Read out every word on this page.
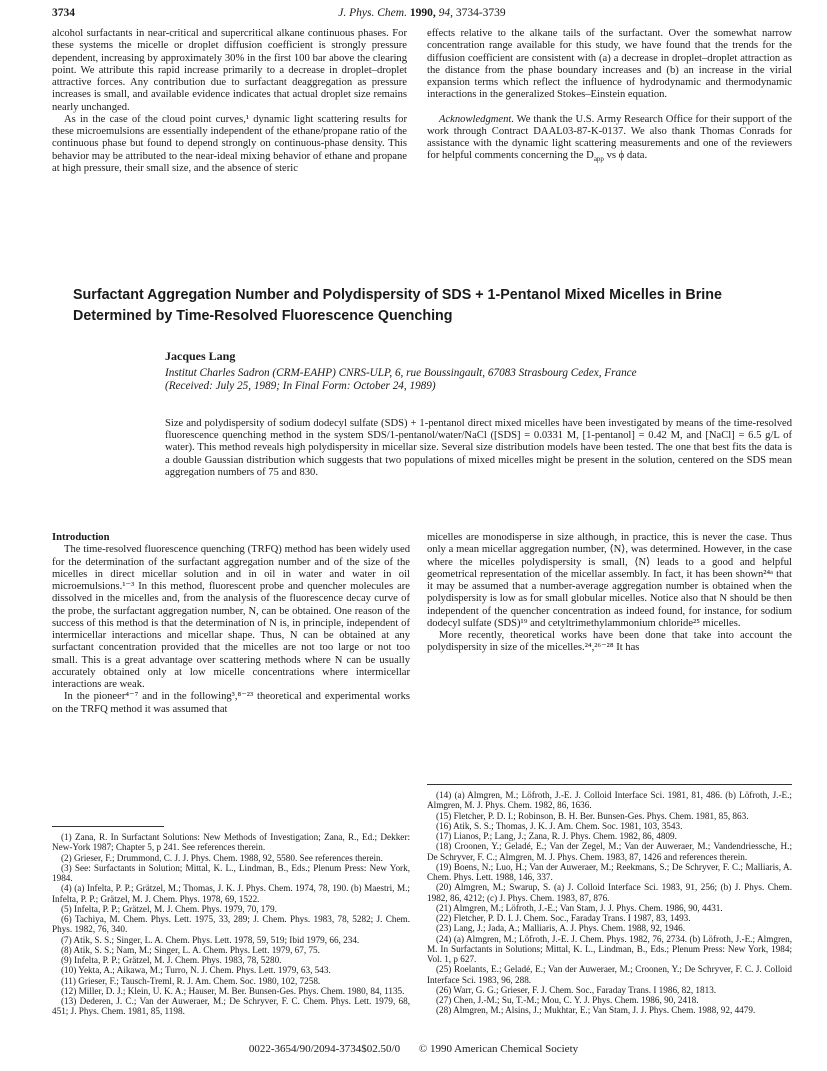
3734	J. Phys. Chem. 1990, 94, 3734-3739

alcohol surfactants in near-critical and supercritical alkane continuous phases. For these systems the micelle or droplet diffusion coefficient is strongly pressure dependent, increasing by approximately 30% in the first 100 bar above the clearing point. We attribute this rapid increase primarily to a decrease in droplet–droplet attractive forces. Any contribution due to surfactant deaggregation as pressure increases is small, and available evidence indicates that actual droplet size remains nearly unchanged.

As in the case of the cloud point curves,¹ dynamic light scattering results for these microemulsions are essentially independent of the ethane/propane ratio of the continuous phase but found to depend strongly on continuous-phase density. This behavior may be attributed to the near-ideal mixing behavior of ethane and propane at high pressure, their small size, and the absence of steric

effects relative to the alkane tails of the surfactant. Over the somewhat narrow concentration range available for this study, we have found that the trends for the diffusion coefficient are consistent with (a) a decrease in droplet–droplet attraction as the distance from the phase boundary increases and (b) an increase in the virial expansion terms which reflect the influence of hydrodynamic and thermodynamic interactions in the generalized Stokes–Einstein equation.

Acknowledgment. We thank the U.S. Army Research Office for their support of the work through Contract DAAL03-87-K-0137. We also thank Thomas Conrads for assistance with the dynamic light scattering measurements and one of the reviewers for helpful comments concerning the $D_{app}$ vs ϕ data.

Surfactant Aggregation Number and Polydispersity of SDS + 1-Pentanol Mixed Micelles in Brine Determined by Time-Resolved Fluorescence Quenching
Jacques Lang
Institut Charles Sadron (CRM-EAHP) CNRS-ULP, 6, rue Boussingault, 67083 Strasbourg Cedex, France
(Received: July 25, 1989; In Final Form: October 24, 1989)
Size and polydispersity of sodium dodecyl sulfate (SDS) + 1-pentanol direct mixed micelles have been investigated by means of the time-resolved fluorescence quenching method in the system SDS/1-pentanol/water/NaCl ([SDS] = 0.0331 M, [1-pentanol] = 0.42 M, and [NaCl] = 6.5 g/L of water). This method reveals high polydispersity in micellar size. Several size distribution models have been tested. The one that best fits the data is a double Gaussian distribution which suggests that two populations of mixed micelles might be present in the solution, centered on the SDS mean aggregation numbers of 75 and 830.

Introduction

The time-resolved fluorescence quenching (TRFQ) method has been widely used for the determination of the surfactant aggregation number and of the size of the micelles in direct micellar solution and in oil in water and water in oil microemulsions.¹⁻³ In this method, fluorescent probe and quencher molecules are dissolved in the micelles and, from the analysis of the fluorescence decay curve of the probe, the surfactant aggregation number, N, can be obtained. One reason of the success of this method is that the determination of N is, in principle, independent of intermicellar interactions and micellar shape. Thus, N can be obtained at any surfactant concentration provided that the micelles are not too large or not too small. This is a great advantage over scattering methods where N can be usually accurately obtained only at low micelle concentrations where intermicellar interactions are weak.

In the pioneer⁴⁻⁷ and in the following³,⁸⁻²³ theoretical and experimental works on the TRFQ method it was assumed that

micelles are monodisperse in size although, in practice, this is never the case. Thus only a mean micellar aggregation number, ⟨N⟩, was determined. However, in the case where the micelles polydispersity is small, ⟨N⟩ leads to a good and helpful geometrical representation of the micellar assembly. In fact, it has been shown²⁴ᵃ that it may be assumed that a number-average aggregation number is obtained when the polydispersity is low as for small globular micelles. Notice also that N should be then independent of the quencher concentration as indeed found, for instance, for sodium dodecyl sulfate (SDS)¹⁹ and cetyltrimethylammonium chloride²⁵ micelles.

More recently, theoretical works have been done that take into account the polydispersity in size of the micelles.²⁴,²⁶⁻²⁸ It has

(1) Zana, R. In Surfactant Solutions: New Methods of Investigation; Zana, R., Ed.; Dekker: New-York 1987; Chapter 5, p 241. See references therein.

(2) Grieser, F.; Drummond, C. J. J. Phys. Chem. 1988, 92, 5580. See references therein.

(3) See: Surfactants in Solution; Mittal, K. L., Lindman, B., Eds.; Plenum Press: New York, 1984.

(4) (a) Infelta, P. P.; Grätzel, M.; Thomas, J. K. J. Phys. Chem. 1974, 78, 190. (b) Maestri, M.; Infelta, P. P.; Grätzel, M. J. Chem. Phys. 1978, 69, 1522.

(5) Infelta, P. P.; Grätzel, M. J. Chem. Phys. 1979, 70, 179.

(6) Tachiya, M. Chem. Phys. Lett. 1975, 33, 289; J. Chem. Phys. 1983, 78, 5282; J. Chem. Phys. 1982, 76, 340.

(7) Atik, S. S.; Singer, L. A. Chem. Phys. Lett. 1978, 59, 519; Ibid 1979, 66, 234.

(8) Atik, S. S.; Nam, M.; Singer, L. A. Chem. Phys. Lett. 1979, 67, 75.

(9) Infelta, P. P.; Grätzel, M. J. Chem. Phys. 1983, 78, 5280.

(10) Yekta, A.; Aikawa, M.; Turro, N. J. Chem. Phys. Lett. 1979, 63, 543.

(11) Grieser, F.; Tausch-Treml, R. J. Am. Chem. Soc. 1980, 102, 7258.

(12) Miller, D. J.; Klein, U. K. A.; Hauser, M. Ber. Bunsen-Ges. Phys. Chem. 1980, 84, 1135.

(13) Dederen, J. C.; Van der Auweraer, M.; De Schryver, F. C. Chem. Phys. Lett. 1979, 68, 451; J. Phys. Chem. 1981, 85, 1198.

(14) (a) Almgren, M.; Löfroth, J.-E. J. Colloid Interface Sci. 1981, 81, 486. (b) Löfroth, J.-E.; Almgren, M. J. Phys. Chem. 1982, 86, 1636.

(15) Fletcher, P. D. I.; Robinson, B. H. Ber. Bunsen-Ges. Phys. Chem. 1981, 85, 863.

(16) Atik, S. S.; Thomas, J. K. J. Am. Chem. Soc. 1981, 103, 3543.

(17) Lianos, P.; Lang, J.; Zana, R. J. Phys. Chem. 1982, 86, 4809.

(18) Croonen, Y.; Geladé, E.; Van der Zegel, M.; Van der Auweraer, M.; Vandendriessche, H.; De Schryver, F. C.; Almgren, M. J. Phys. Chem. 1983, 87, 1426 and references therein.

(19) Boens, N.; Luo, H.; Van der Auweraer, M.; Reekmans, S.; De Schryver, F. C.; Malliaris, A. Chem. Phys. Lett. 1988, 146, 337.

(20) Almgren, M.; Swarup, S. (a) J. Colloid Interface Sci. 1983, 91, 256; (b) J. Phys. Chem. 1982, 86, 4212; (c) J. Phys. Chem. 1983, 87, 876.

(21) Almgren, M.; Löfroth, J.-E.; Van Stam, J. J. Phys. Chem. 1986, 90, 4431.

(22) Fletcher, P. D. I. J. Chem. Soc., Faraday Trans. I 1987, 83, 1493.

(23) Lang, J.; Jada, A.; Malliaris, A. J. Phys. Chem. 1988, 92, 1946.

(24) (a) Almgren, M.; Löfroth, J.-E. J. Chem. Phys. 1982, 76, 2734. (b) Löfroth, J.-E.; Almgren, M. In Surfactants in Solutions; Mittal, K. L., Lindman, B., Eds.; Plenum Press: New York, 1984; Vol. 1, p 627.

(25) Roelants, E.; Geladé, E.; Van der Auweraer, M.; Croonen, Y.; De Schryver, F. C. J. Colloid Interface Sci. 1983, 96, 288.

(26) Warr, G. G.; Grieser, F. J. Chem. Soc., Faraday Trans. I 1986, 82, 1813.

(27) Chen, J.-M.; Su, T.-M.; Mou, C. Y. J. Phys. Chem. 1986, 90, 2418.

(28) Almgren, M.; Alsins, J.; Mukhtar, E.; Van Stam, J. J. Phys. Chem. 1988, 92, 4479.

0022-3654/90/2094-3734$02.50/0 © 1990 American Chemical Society
